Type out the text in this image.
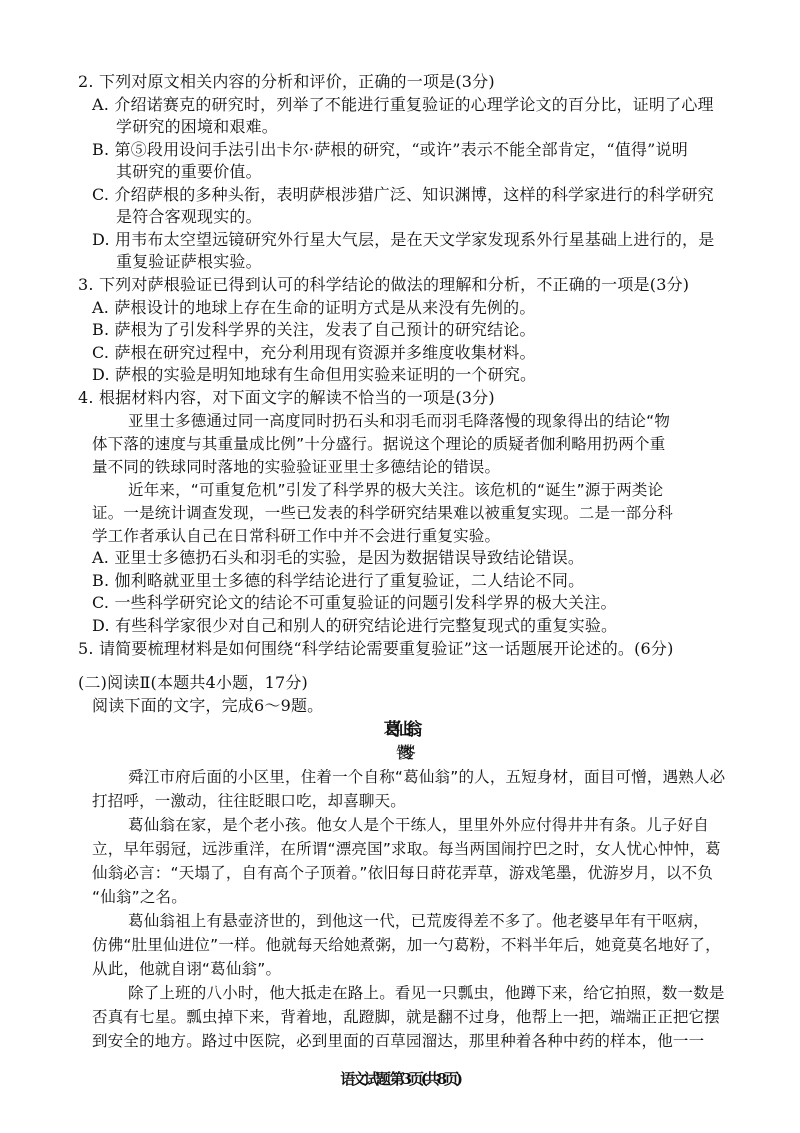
2. 下列对原文相关内容的分析和评价，正确的一项是(3分)
A. 介绍诺赛克的研究时，列举了不能进行重复验证的心理学论文的百分比，证明了心理
学研究的困境和艰难。
B. 第⑤段用设问手法引出卡尔·萨根的研究，“或许”表示不能全部肯定，“值得”说明
其研究的重要价值。
C. 介绍萨根的多种头衔，表明萨根涉猎广泛、知识渊博，这样的科学家进行的科学研究
是符合客观现实的。
D. 用韦布太空望远镜研究外行星大气层，是在天文学家发现系外行星基础上进行的，是
重复验证萨根实验。
3. 下列对萨根验证已得到认可的科学结论的做法的理解和分析，不正确的一项是(3分)
A. 萨根设计的地球上存在生命的证明方式是从来没有先例的。
B. 萨根为了引发科学界的关注，发表了自己预计的研究结论。
C. 萨根在研究过程中，充分利用现有资源并多维度收集材料。
D. 萨根的实验是明知地球有生命但用实验来证明的一个研究。
4. 根据材料内容，对下面文字的解读不恰当的一项是(3分)
亚里士多德通过同一高度同时扔石头和羽毛而羽毛降落慢的现象得出的结论“物
体下落的速度与其重量成比例”十分盛行。据说这个理论的质疑者伽利略用扔两个重
量不同的铁球同时落地的实验验证亚里士多德结论的错误。
近年来，“可重复危机”引发了科学界的极大关注。该危机的“诞生”源于两类论
证。一是统计调查发现，一些已发表的科学研究结果难以被重复实现。二是一部分科
学工作者承认自己在日常科研工作中并不会进行重复实验。
A. 亚里士多德扔石头和羽毛的实验，是因为数据错误导致结论错误。
B. 伽利略就亚里士多德的科学结论进行了重复验证，二人结论不同。
C. 一些科学研究论文的结论不可重复验证的问题引发科学界的极大关注。
D. 有些科学家很少对自己和别人的研究结论进行完整复现式的重复实验。
5. 请简要梳理材料是如何围绕“科学结论需要重复验证”这一话题展开论述的。(6分)
(二)阅读Ⅱ(本题共4小题，17分)
阅读下面的文字，完成6～9题。
葛 仙 翁
舜江市府后面的小区里，住着一个自称“葛仙翁”的人，五短身材，面目可憎，遇熟人必
打招呼，一激动，往往眨眼口吃，却喜聊天。
葛仙翁在家，是个老小孩。他女人是个干练人，里里外外应付得井井有条。儿子好自
立，早年弱冠，远涉重洋，在所谓“漂亮国”求取。每当两国闹拧巴之时，女人忧心忡忡，葛
仙翁必言：“天塌了，自有高个子顶着。”依旧每日莳花弄草，游戏笔墨，优游岁月，以不负
“仙翁”之名。
葛仙翁祖上有悬壶济世的，到他这一代，已荒废得差不多了。他老婆早年有干呕病，
仿佛“肚里仙进位”一样。他就每天给她煮粥，加一勺葛粉，不料半年后，她竟莫名地好了，
从此，他就自诩“葛仙翁”。
除了上班的八小时，他大抵走在路上。看见一只瓢虫，他蹲下来，给它拍照，数一数是
否真有七星。瓢虫掉下来，背着地，乱蹬脚，就是翻不过身，他帮上一把，端端正正把它摆
到安全的地方。路过中医院，必到里面的百草园溜达，那里种着各种中药的样本，他一一
语文试题 第3页(共8页)
